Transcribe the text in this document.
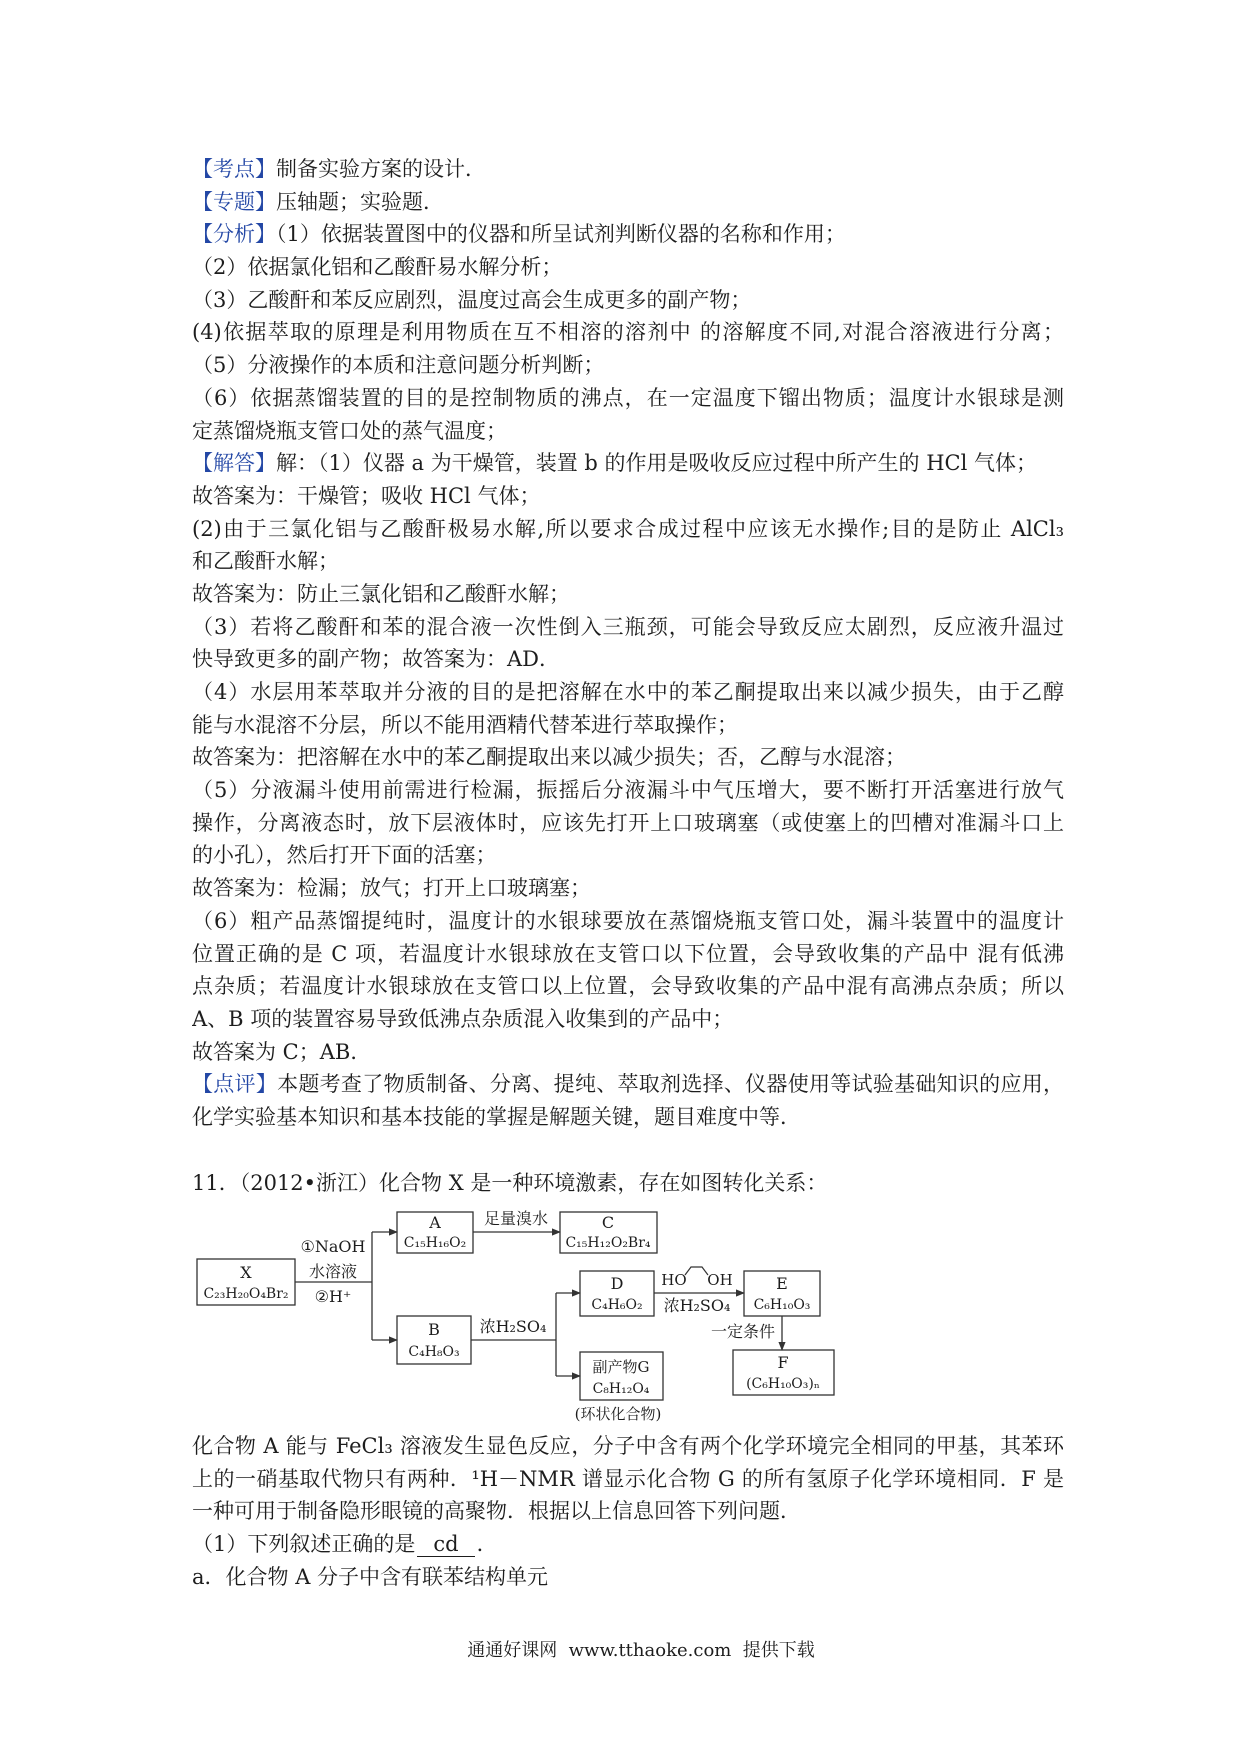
【考点】制备实验方案的设计．
【专题】压轴题；实验题．
【分析】（1）依据装置图中的仪器和所呈试剂判断仪器的名称和作用；
（2）依据氯化铝和乙酸酐易水解分析；
（3）乙酸酐和苯反应剧烈，温度过高会生成更多的副产物；
(4)依据萃取的原理是利用物质在互不相溶的溶剂中 的溶解度不同,对混合溶液进行分离；
（5）分液操作的本质和注意问题分析判断；
（6）依据蒸馏装置的目的是控制物质的沸点，在一定温度下镏出物质；温度计水银球是测
定蒸馏烧瓶支管口处的蒸气温度；
【解答】解：（1）仪器 a 为干燥管，装置 b 的作用是吸收反应过程中所产生的 HCl 气体；
故答案为：干燥管；吸收 HCl 气体；
(2)由于三氯化铝与乙酸酐极易水解,所以要求合成过程中应该无水操作;目的是防止 AlCl₃
和乙酸酐水解；
故答案为：防止三氯化铝和乙酸酐水解；
（3）若将乙酸酐和苯的混合液一次性倒入三瓶颈，可能会导致反应太剧烈，反应液升温过
快导致更多的副产物；故答案为：AD．
（4）水层用苯萃取并分液的目的是把溶解在水中的苯乙酮提取出来以减少损失，由于乙醇
能与水混溶不分层，所以不能用酒精代替苯进行萃取操作；
故答案为：把溶解在水中的苯乙酮提取出来以减少损失；否，乙醇与水混溶；
（5）分液漏斗使用前需进行检漏，振摇后分液漏斗中气压增大，要不断打开活塞进行放气
操作，分离液态时，放下层液体时，应该先打开上口玻璃塞（或使塞上的凹槽对准漏斗口上
的小孔），然后打开下面的活塞；
故答案为：检漏；放气；打开上口玻璃塞；
（6）粗产品蒸馏提纯时，温度计的水银球要放在蒸馏烧瓶支管口处，漏斗装置中的温度计
位置正确的是 C 项，若温度计水银球放在支管口以下位置，会导致收集的产品中 混有低沸
点杂质；若温度计水银球放在支管口以上位置，会导致收集的产品中混有高沸点杂质；所以
A、B 项的装置容易导致低沸点杂质混入收集到的产品中；
故答案为 C；AB．
【点评】本题考查了物质制备、分离、提纯、萃取剂选择、仪器使用等试验基础知识的应用，
化学实验基本知识和基本技能的掌握是解题关键，题目难度中等．
11．（2012•浙江）化合物 X 是一种环境激素，存在如图转化关系：
X
C₂₃H₂₀O₄Br₂
①NaOH
水溶液
②H⁺
A
C₁₅H₁₆O₂
足量溴水	C
C₁₅H₁₂O₂Br₄
B
C₄H₈O₃
浓H₂SO₄
D
C₄H₆O₂
HO OH
浓H₂SO₄
E
C₆H₁₀O₃
一定条件
F
(C₆H₁₀O₃)ₙ
副产物G
C₈H₁₂O₄
(环状化合物)
化合物 A 能与 FeCl₃ 溶液发生显色反应，分子中含有两个化学环境完全相同的甲基，其苯环
上的一硝基取代物只有两种．¹H－NMR 谱显示化合物 G 的所有氢原子化学环境相同．F 是
一种可用于制备隐形眼镜的高聚物．根据以上信息回答下列问题．
（1）下列叙述正确的是 cd ．
a．化合物 A 分子中含有联苯结构单元
通通好课网  www.tthaoke.com  提供下载
